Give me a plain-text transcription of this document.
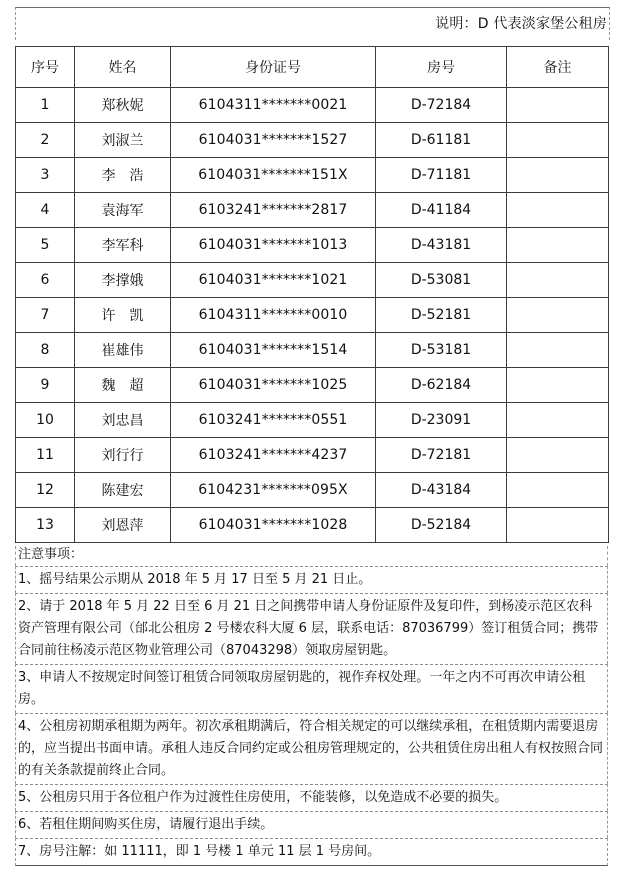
说明：D 代表淡家堡公租房
序号	姓名	身份证号	房号	备注
1	郑秋妮	6104311*******0021	D-72184	
2	刘淑兰	6104031*******1527	D-61181	
3	李　浩	6104031*******151X	D-71181	
4	袁海军	6103241*******2817	D-41184	
5	李军科	6104031*******1013	D-43181	
6	李撑娥	6104031*******1021	D-53081	
7	许　凯	6104311*******0010	D-52181	
8	崔雄伟	6104031*******1514	D-53181	
9	魏　超	6104031*******1025	D-62184	
10	刘忠昌	6103241*******0551	D-23091	
11	刘行行	6103241*******4237	D-72181	
12	陈建宏	6104231*******095X	D-43184	
13	刘恩萍	6104031*******1028	D-52184	
注意事项：
1、摇号结果公示期从 2018 年 5 月 17 日至 5 月 21 日止。
2、请于 2018 年 5 月 22 日至 6 月 21 日之间携带申请人身份证原件及复印件，到杨凌示范区农科资产管理有限公司（邰北公租房 2 号楼农科大厦 6 层，联系电话：87036799）签订租赁合同；携带合同前往杨凌示范区物业管理公司（87043298）领取房屋钥匙。
3、申请人不按规定时间签订租赁合同领取房屋钥匙的，视作弃权处理。一年之内不可再次申请公租房。
4、公租房初期承租期为两年。初次承租期满后，符合相关规定的可以继续承租，在租赁期内需要退房的，应当提出书面申请。承租人违反合同约定或公租房管理规定的，公共租赁住房出租人有权按照合同的有关条款提前终止合同。
5、公租房只用于各位租户作为过渡性住房使用，不能装修，以免造成不必要的损失。
6、若租住期间购买住房，请履行退出手续。
7、房号注解：如 11111，即 1 号楼 1 单元 11 层 1 号房间。
